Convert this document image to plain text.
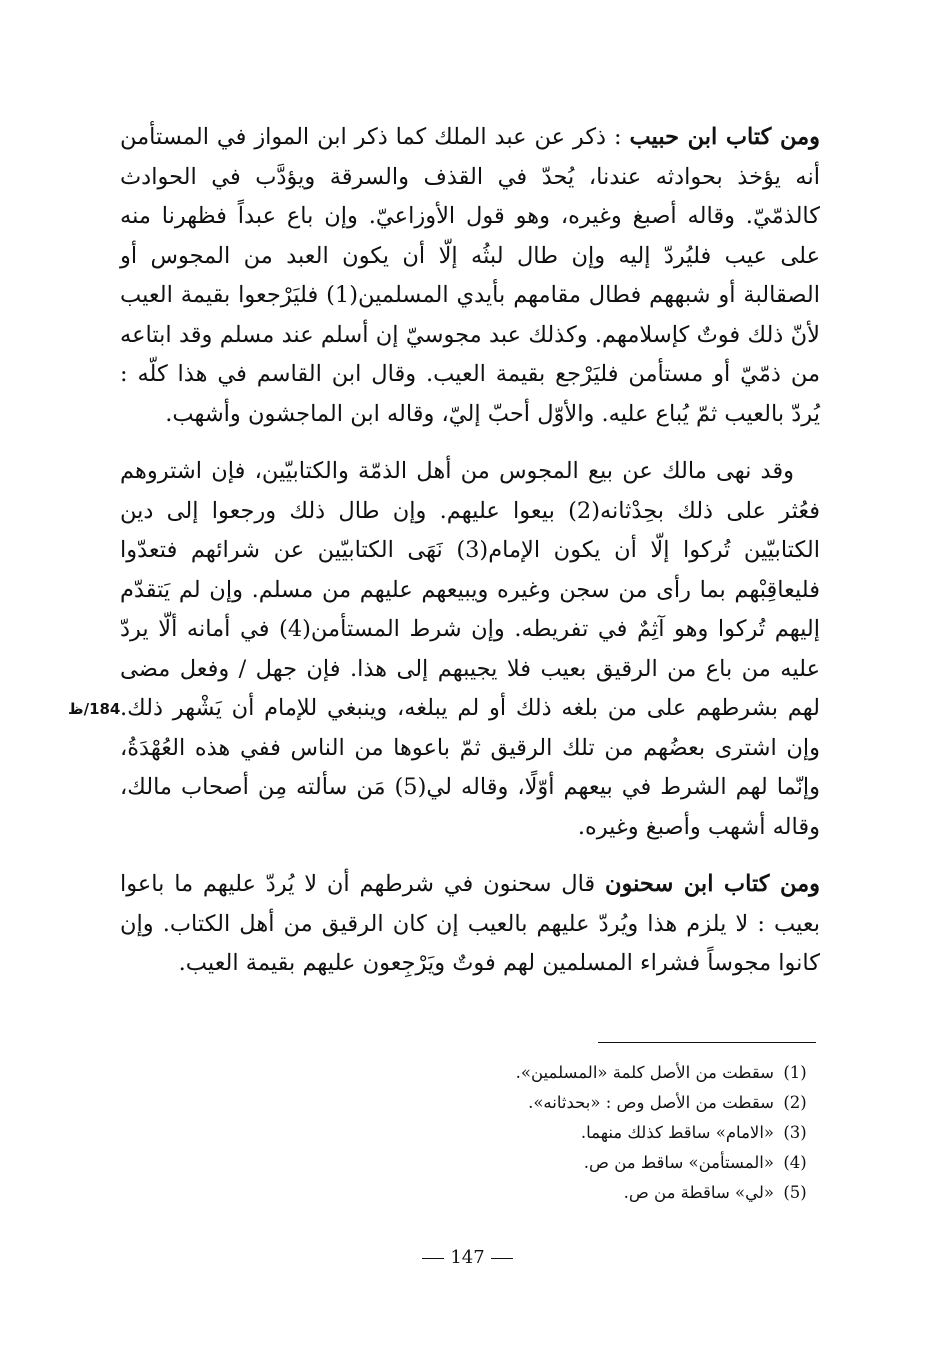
ومن كتاب ابن حبيب : ذكر عن عبد الملك كما ذكر ابن المواز في المستأمن أنه يؤخذ بحوادثه عندنا، يُحدّ في القذف والسرقة ويؤدَّب في الحوادث كالذمّيّ. وقاله أصبغ وغيره، وهو قول الأوزاعيّ. وإن باع عبداً فظهرنا منه على عيب فليُردّ إليه وإن طال لبثُه إلّا أن يكون العبد من المجوس أو الصقالبة أو شبههم فطال مقامهم بأيدي المسلمين(1) فليَرْجعوا بقيمة العيب لأنّ ذلك فوتٌ كإسلامهم. وكذلك عبد مجوسيّ إن أسلم عند مسلم وقد ابتاعه من ذمّيّ أو مستأمن فليَرْجع بقيمة العيب. وقال ابن القاسم في هذا كلّه : يُردّ بالعيب ثمّ يُباع عليه. والأوّل أحبّ إليّ، وقاله ابن الماجشون وأشهب.

وقد نهى مالك عن بيع المجوس من أهل الذمّة والكتابيّين، فإن اشتروهم فعُثر على ذلك بحِدْثانه(2) بيعوا عليهم. وإن طال ذلك ورجعوا إلى دين الكتابيّين تُركوا إلّا أن يكون الإمام(3) نَهَى الكتابيّين عن شرائهم فتعدّوا فليعاقِبْهم بما رأى من سجن وغيره ويبيعهم عليهم من مسلم. وإن لم يَتقدّم إليهم تُركوا وهو آثِمٌ في تفريطه. وإن شرط المستأمن(4) في أمانه ألّا يردّ عليه من باع من الرقيق بعيب فلا يجيبهم إلى هذا. فإن جهل / وفعل مضى لهم بشرطهم على من بلغه ذلك أو لم يبلغه، وينبغي للإمام أن يَشْهر ذلك. وإن اشترى بعضُهم من تلك الرقيق ثمّ باعوها من الناس ففي هذه العُهْدَةُ، وإنّما لهم الشرط في بيعهم أوّلًا، وقاله لي(5) مَن سألته مِن أصحاب مالك، وقاله أشهب وأصبغ وغيره.

ومن كتاب ابن سحنون قال سحنون في شرطهم أن لا يُردّ عليهم ما باعوا بعيب : لا يلزم هذا ويُردّ عليهم بالعيب إن كان الرقيق من أهل الكتاب. وإن كانوا مجوساً فشراء المسلمين لهم فوتٌ ويَرْجِعون عليهم بقيمة العيب.

184/ظ
(1)سقطت من الأصل كلمة «المسلمين».
(2)سقطت من الأصل وص : «بحدثانه».
(3)«الامام» ساقط كذلك منهما.
(4)«المستأمن» ساقط من ص.
(5)«لي» ساقطة من ص.
147
